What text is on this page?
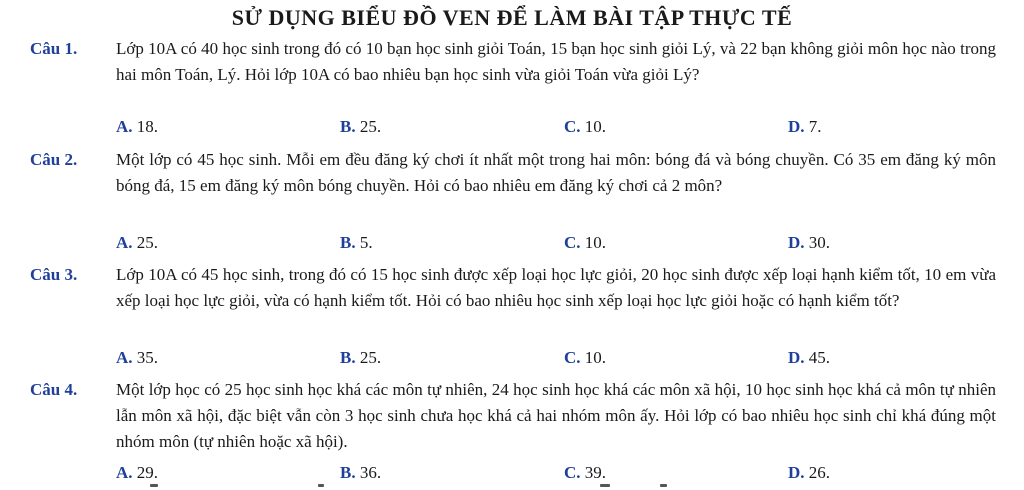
SỬ DỤNG BIỂU ĐỒ VEN ĐỂ LÀM BÀI TẬP THỰC TẾ
Câu 1. Lớp 10A có 40 học sinh trong đó có 10 bạn học sinh giỏi Toán, 15 bạn học sinh giỏi Lý, và 22 bạn không giỏi môn học nào trong hai môn Toán, Lý. Hỏi lớp 10A có bao nhiêu bạn học sinh vừa giỏi Toán vừa giỏi Lý?
A. 18.	B. 25.	C. 10.	D. 7.
Câu 2. Một lớp có 45 học sinh. Mỗi em đều đăng ký chơi ít nhất một trong hai môn: bóng đá và bóng chuyền. Có 35 em đăng ký môn bóng đá, 15 em đăng ký môn bóng chuyền. Hỏi có bao nhiêu em đăng ký chơi cả 2 môn?
A. 25.	B. 5.	C. 10.	D. 30.
Câu 3. Lớp 10A có 45 học sinh, trong đó có 15 học sinh được xếp loại học lực giỏi, 20 học sinh được xếp loại hạnh kiểm tốt, 10 em vừa xếp loại học lực giỏi, vừa có hạnh kiểm tốt. Hỏi có bao nhiêu học sinh xếp loại học lực giỏi hoặc có hạnh kiểm tốt?
A. 35.	B. 25.	C. 10.	D. 45.
Câu 4. Một lớp học có 25 học sinh học khá các môn tự nhiên, 24 học sinh học khá các môn xã hội, 10 học sinh học khá cả môn tự nhiên lẫn môn xã hội, đặc biệt vẫn còn 3 học sinh chưa học khá cả hai nhóm môn ấy. Hỏi lớp có bao nhiêu học sinh chỉ khá đúng một nhóm môn (tự nhiên hoặc xã hội).
A. 29.	B. 36.	C. 39.	D. 26.
